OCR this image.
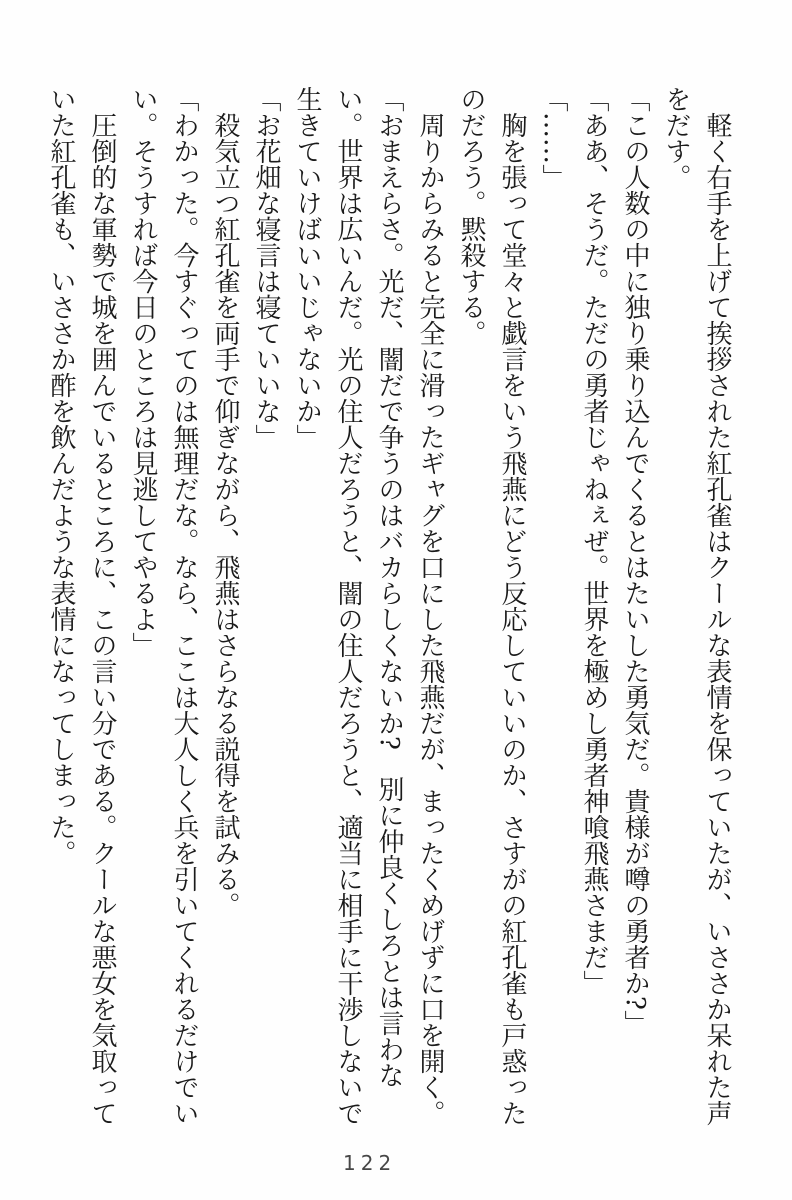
軽く右手を上げて挨拶された紅孔雀はクールな表情を保っていたが、いささか呆れた声をだす。

「この人数の中に独り乗り込んでくるとはたいした勇気だ。貴様が噂の勇者か?」

「ああ、そうだ。ただの勇者じゃねぇぜ。世界を極めし勇者神喰飛燕さまだ」

「……」

胸を張って堂々と戯言をいう飛燕にどう反応していいのか、さすがの紅孔雀も戸惑ったのだろう。黙殺する。

周りからみると完全に滑ったギャグを口にした飛燕だが、まったくめげずに口を開く。

「おまえらさ。光だ、闇だで争うのはバカらしくないか?　別に仲良くしろとは言わない。世界は広いんだ。光の住人だろうと、闇の住人だろうと、適当に相手に干渉しないで生きていけばいいじゃないか」

「お花畑な寝言は寝ていいな」

殺気立つ紅孔雀を両手で仰ぎながら、飛燕はさらなる説得を試みる。

「わかった。今すぐってのは無理だな。なら、ここは大人しく兵を引いてくれるだけでいい。そうすれば今日のところは見逃してやるよ」

圧倒的な軍勢で城を囲んでいるところに、この言い分である。クールな悪女を気取っていた紅孔雀も、いささか酢を飲んだような表情になってしまった。

122
